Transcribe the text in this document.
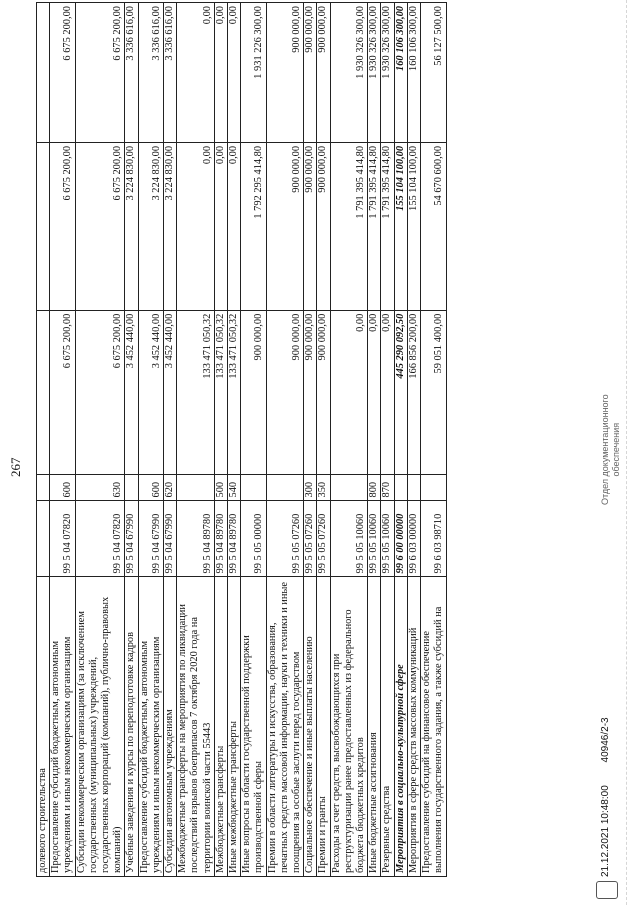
267
долевого строительства					
Предоставление субсидий бюджетным, автономным учреждениям и иным некоммерческим организациям	99 5 04 07820	600	6 675 200,00	6 675 200,00	6 675 200,00
Субсидии некоммерческим организациям (за исключением государственных (муниципальных) учреждений, государственных корпораций (компаний), публично-правовых компаний)	99 5 04 07820	630	6 675 200,00	6 675 200,00	6 675 200,00
Учебные заведения и курсы по переподготовке кадров	99 5 04 67990		3 452 440,00	3 224 830,00	3 336 616,00
Предоставление субсидий бюджетным, автономным учреждениям и иным некоммерческим организациям	99 5 04 67990	600	3 452 440,00	3 224 830,00	3 336 616,00
Субсидии автономным учреждениям	99 5 04 67990	620	3 452 440,00	3 224 830,00	3 336 616,00
Межбюджетные трансферты на мероприятия по ликвидации последствий взрывов боеприпасов 7 октября 2020 года на территории воинской части 55443	99 5 04 89780		133 471 050,32	0,00	0,00
Межбюджетные трансферты	99 5 04 89780	500	133 471 050,32	0,00	0,00
Иные межбюджетные трансферты	99 5 04 89780	540	133 471 050,32	0,00	0,00
Иные вопросы в области государственной поддержки производственной сферы	99 5 05 00000		900 000,00	1 792 295 414,80	1 931 226 300,00
Премии в области литературы и искусства, образования, печатных средств массовой информации, науки и техники и иные поощрения за особые заслуги перед государством	99 5 05 07260		900 000,00	900 000,00	900 000,00
Социальное обеспечение и иные выплаты населению	99 5 05 07260	300	900 000,00	900 000,00	900 000,00
Премии и гранты	99 5 05 07260	350	900 000,00	900 000,00	900 000,00
Расходы за счет средств, высвобождающихся при реструктуризации ранее предоставленных из федерального бюджета бюджетных кредитов	99 5 05 10060		0,00	1 791 395 414,80	1 930 326 300,00
Иные бюджетные ассигнования	99 5 05 10060	800	0,00	1 791 395 414,80	1 930 326 300,00
Резервные средства	99 5 05 10060	870	0,00	1 791 395 414,80	1 930 326 300,00
Мероприятия в социально-культурной сфере	99 6 00 00000		445 290 092,50	155 104 100,00	160 106 300,00
Мероприятия в сфере средств массовых коммуникаций	99 6 03 00000		166 856 200,00	155 104 100,00	160 106 300,00
Предоставление субсидий на финансовое обеспечение выполнения государственного задания, а также субсидий на	99 6 03 98710		59 051 400,00	54 670 600,00	56 127 500,00
21.12.2021 10:48:00 40946/2-3
Отдел документационного обеспечения
